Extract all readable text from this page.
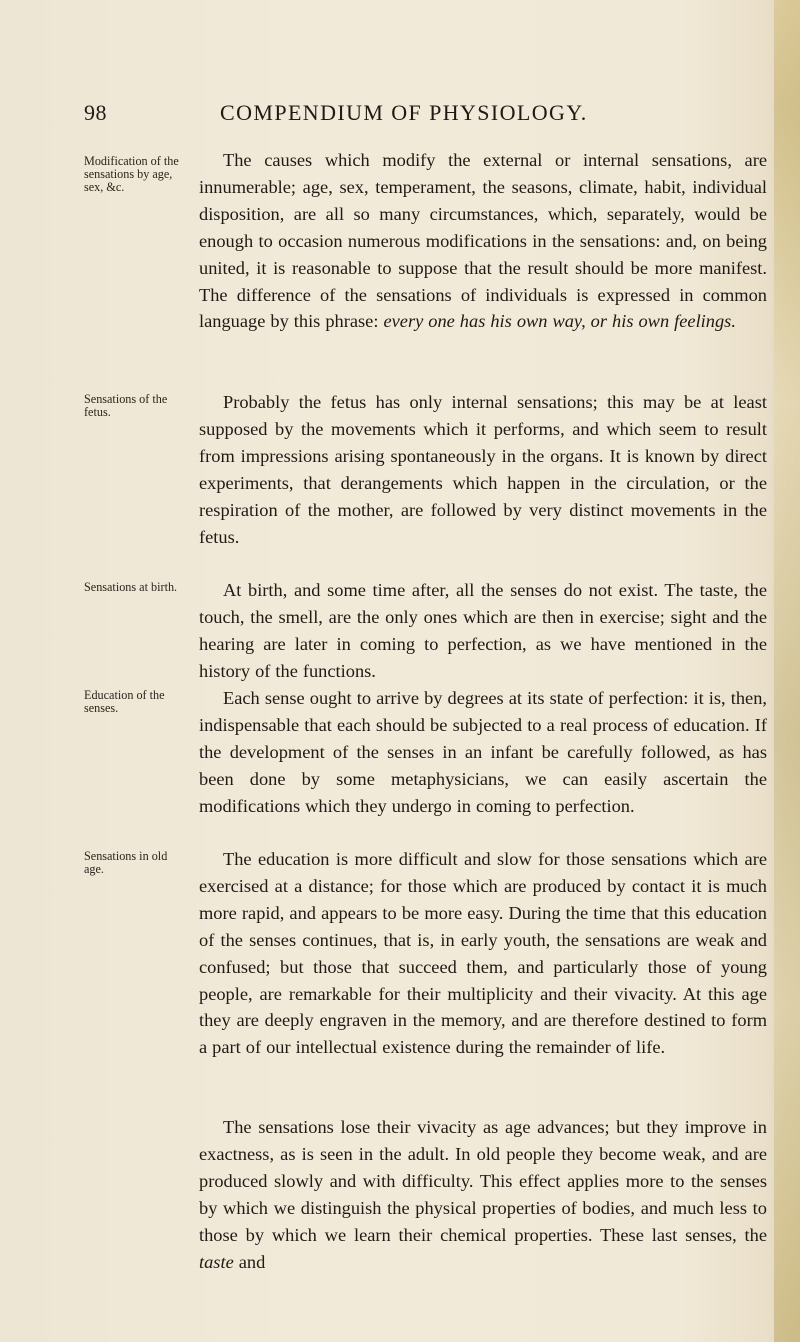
98	COMPENDIUM OF PHYSIOLOGY.
Modification of the sensations by age, sex, &c.

The causes which modify the external or internal sensations, are innumerable; age, sex, temperament, the seasons, climate, habit, individual disposition, are all so many circumstances, which, separately, would be enough to occasion numerous modifications in the sensations: and, on being united, it is reasonable to suppose that the result should be more manifest. The difference of the sensations of individuals is expressed in common language by this phrase: every one has his own way, or his own feelings.

Sensations of the fetus.	Probably the fetus has only internal sensations; this may be at least supposed by the movements which it performs, and which seem to result from impressions arising spontaneously in the organs. It is known by direct experiments, that derangements which happen in the circulation, or the respiration of the mother, are followed by very distinct movements in the fetus.

Sensations at birth.	At birth, and some time after, all the senses do not exist. The taste, the touch, the smell, are the only ones which are then in exercise; sight and the hearing are later in coming to perfection, as we have mentioned in the history of the functions.

Education of the senses.	Each sense ought to arrive by degrees at its state of perfection: it is, then, indispensable that each should be subjected to a real process of education. If the development of the senses in an infant be carefully followed, as has been done by some metaphysicians, we can easily ascertain the modifications which they undergo in coming to perfection.

Sensations in old age.	The education is more difficult and slow for those sensations which are exercised at a distance; for those which are produced by contact it is much more rapid, and appears to be more easy. During the time that this education of the senses continues, that is, in early youth, the sensations are weak and confused; but those that succeed them, and particularly those of young people, are remarkable for their multiplicity and their vivacity. At this age they are deeply engraven in the memory, and are therefore destined to form a part of our intellectual existence during the remainder of life.

The sensations lose their vivacity as age advances; but they improve in exactness, as is seen in the adult. In old people they become weak, and are produced slowly and with difficulty. This effect applies more to the senses by which we distinguish the physical properties of bodies, and much less to those by which we learn their chemical properties. These last senses, the taste and
